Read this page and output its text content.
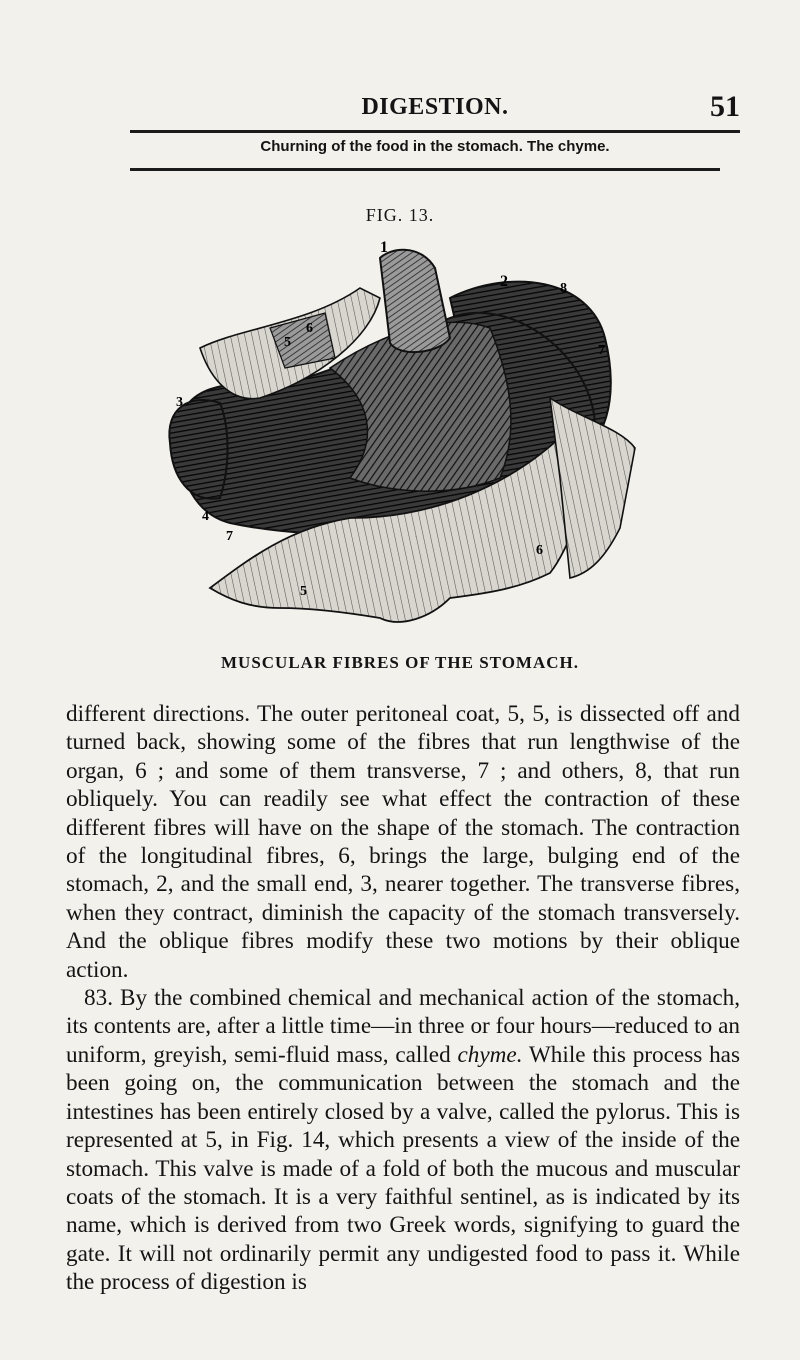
DIGESTION.	51
Churning of the food in the stomach. The chyme.
FIG. 13.
1
2	8
7
6
5
3
4
7
6
5
MUSCULAR FIBRES OF THE STOMACH.

different directions. The outer peritoneal coat, 5, 5, is dissected off and turned back, showing some of the fibres that run lengthwise of the organ, 6 ; and some of them transverse, 7 ; and others, 8, that run obliquely. You can readily see what effect the contraction of these different fibres will have on the shape of the stomach. The contraction of the longitudinal fibres, 6, brings the large, bulging end of the stomach, 2, and the small end, 3, nearer together. The transverse fibres, when they contract, diminish the capacity of the stomach transversely. And the oblique fibres modify these two motions by their oblique action.

83. By the combined chemical and mechanical action of the stomach, its contents are, after a little time—in three or four hours—reduced to an uniform, greyish, semi-fluid mass, called chyme. While this process has been going on, the communication between the stomach and the intestines has been entirely closed by a valve, called the pylorus. This is represented at 5, in Fig. 14, which presents a view of the inside of the stomach. This valve is made of a fold of both the mucous and muscular coats of the stomach. It is a very faithful sentinel, as is indicated by its name, which is derived from two Greek words, signifying to guard the gate. It will not ordinarily permit any undigested food to pass it. While the process of digestion is
